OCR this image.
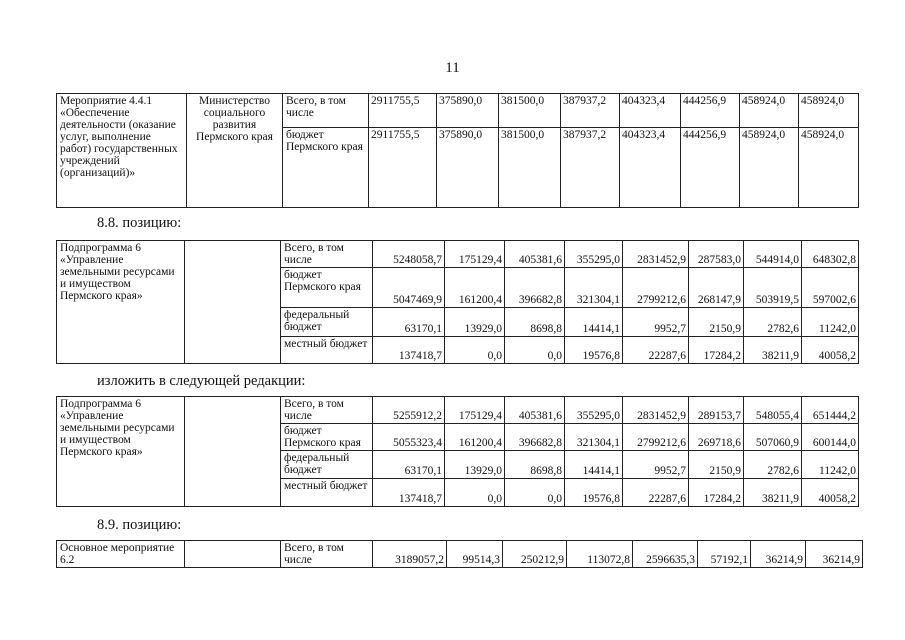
11
Мероприятие 4.4.1 «Обеспечение деятельности (оказание услуг, выполнение работ) государственных учреждений (организаций)»	Министерство социального развития Пермского края	Всего, в том числе	2911755,5	375890,0	381500,0	387937,2	404323,4	444256,9	458924,0	458924,0
		бюджет Пермского края	2911755,5	375890,0	381500,0	387937,2	404323,4	444256,9	458924,0	458924,0
8.8. позицию:
Подпрограмма 6 «Управление земельными ресурсами и имуществом Пермского края»		Всего, в том числе	5248058,7	175129,4	405381,6	355295,0	2831452,9	287583,0	544914,0	648302,8
		бюджет Пермского края	5047469,9	161200,4	396682,8	321304,1	2799212,6	268147,9	503919,5	597002,6
		федеральный бюджет	63170,1	13929,0	8698,8	14414,1	9952,7	2150,9	2782,6	11242,0
		местный бюджет	137418,7	0,0	0,0	19576,8	22287,6	17284,2	38211,9	40058,2
изложить в следующей редакции:
Подпрограмма 6 «Управление земельными ресурсами и имуществом Пермского края»		Всего, в том числе	5255912,2	175129,4	405381,6	355295,0	2831452,9	289153,7	548055,4	651444,2
		бюджет Пермского края	5055323,4	161200,4	396682,8	321304,1	2799212,6	269718,6	507060,9	600144,0
		федеральный бюджет	63170,1	13929,0	8698,8	14414,1	9952,7	2150,9	2782,6	11242,0
		местный бюджет	137418,7	0,0	0,0	19576,8	22287,6	17284,2	38211,9	40058,2
8.9. позицию:
Основное мероприятие 6.2		Всего, в том числе	3189057,2	99514,3	250212,9	113072,8	2596635,3	57192,1	36214,9	36214,9
